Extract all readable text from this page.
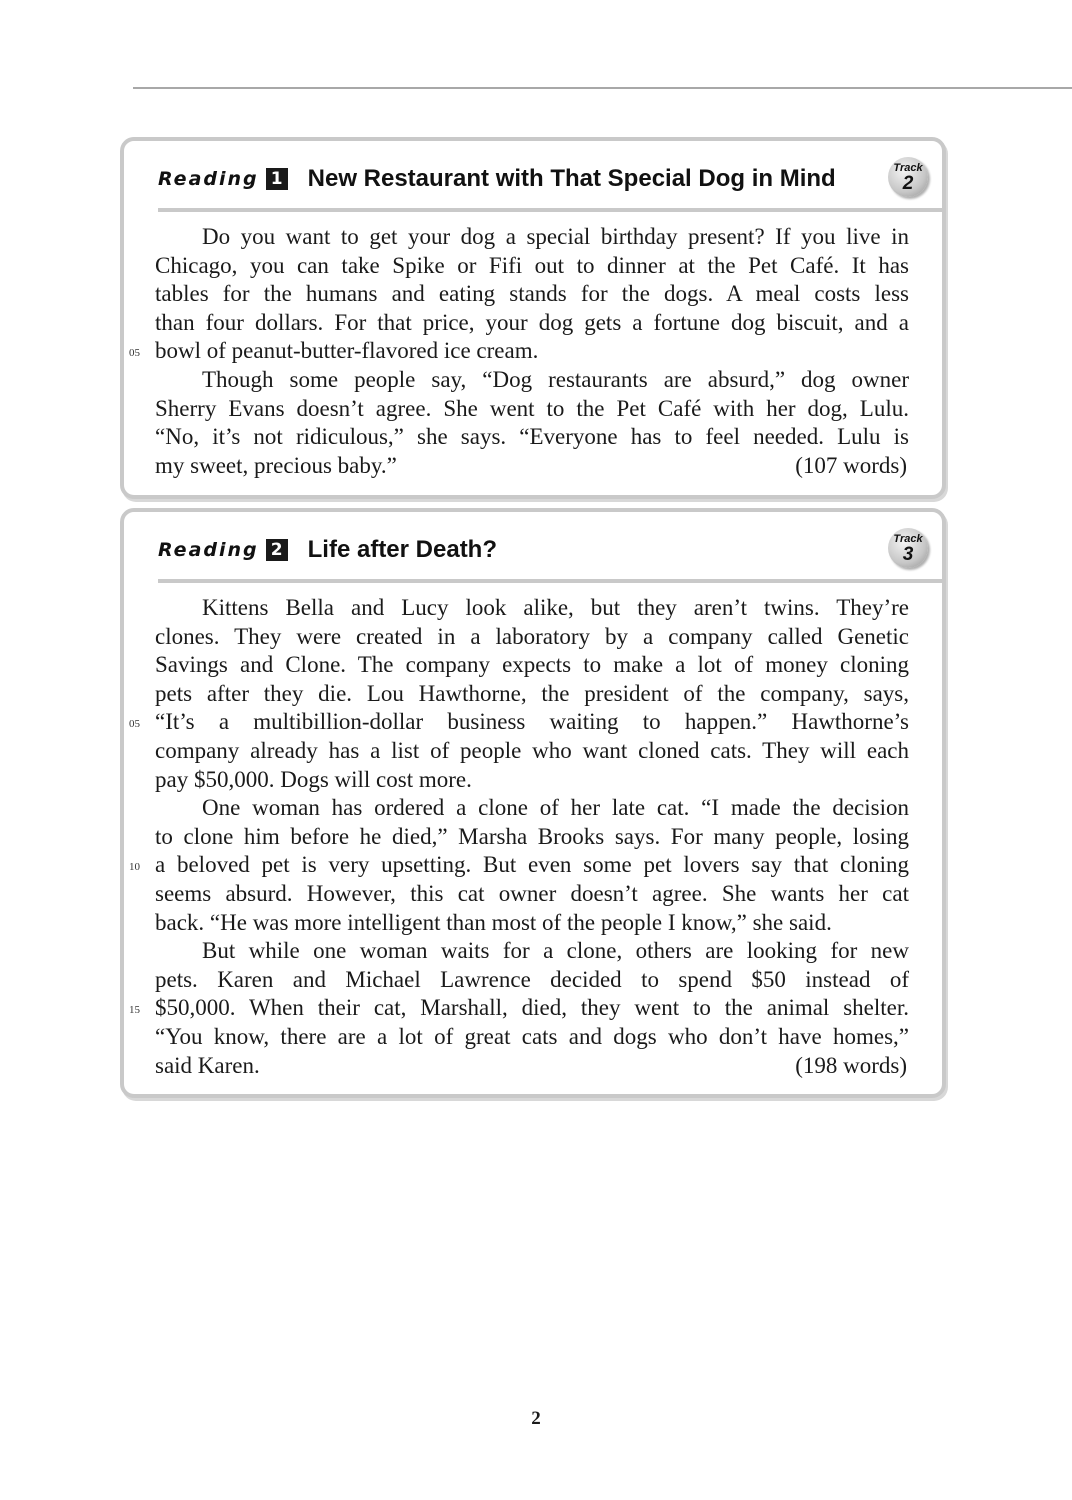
Reading 1 New Restaurant with That Special Dog in Mind	Track
2
Do you want to get your dog a special birthday present? If you live in
Chicago, you can take Spike or Fifi out to dinner at the Pet Café. It has
tables for the humans and eating stands for the dogs. A meal costs less
than four dollars. For that price, your dog gets a fortune dog biscuit, and a
bowl of peanut-butter-flavored ice cream.
05
Though some people say, “Dog restaurants are absurd,” dog owner
Sherry Evans doesn’t agree. She went to the Pet Café with her dog, Lulu.
“No, it’s not ridiculous,” she says. “Everyone has to feel needed. Lulu is
my sweet, precious baby.”	(107 words)
Reading 2 Life after Death?	Track
3
Kittens Bella and Lucy look alike, but they aren’t twins. They’re
clones. They were created in a laboratory by a company called Genetic
Savings and Clone. The company expects to make a lot of money cloning
pets after they die. Lou Hawthorne, the president of the company, says,
“It’s a multibillion-dollar business waiting to happen.” Hawthorne’s
05
company already has a list of people who want cloned cats. They will each
pay $50,000. Dogs will cost more.
One woman has ordered a clone of her late cat. “I made the decision
to clone him before he died,” Marsha Brooks says. For many people, losing
a beloved pet is very upsetting. But even some pet lovers say that cloning
10
seems absurd. However, this cat owner doesn’t agree. She wants her cat
back. “He was more intelligent than most of the people I know,” she said.
But while one woman waits for a clone, others are looking for new
pets. Karen and Michael Lawrence decided to spend $50 instead of
$50,000. When their cat, Marshall, died, they went to the animal shelter.
15
“You know, there are a lot of great cats and dogs who don’t have homes,”
said Karen.	(198 words)
2
